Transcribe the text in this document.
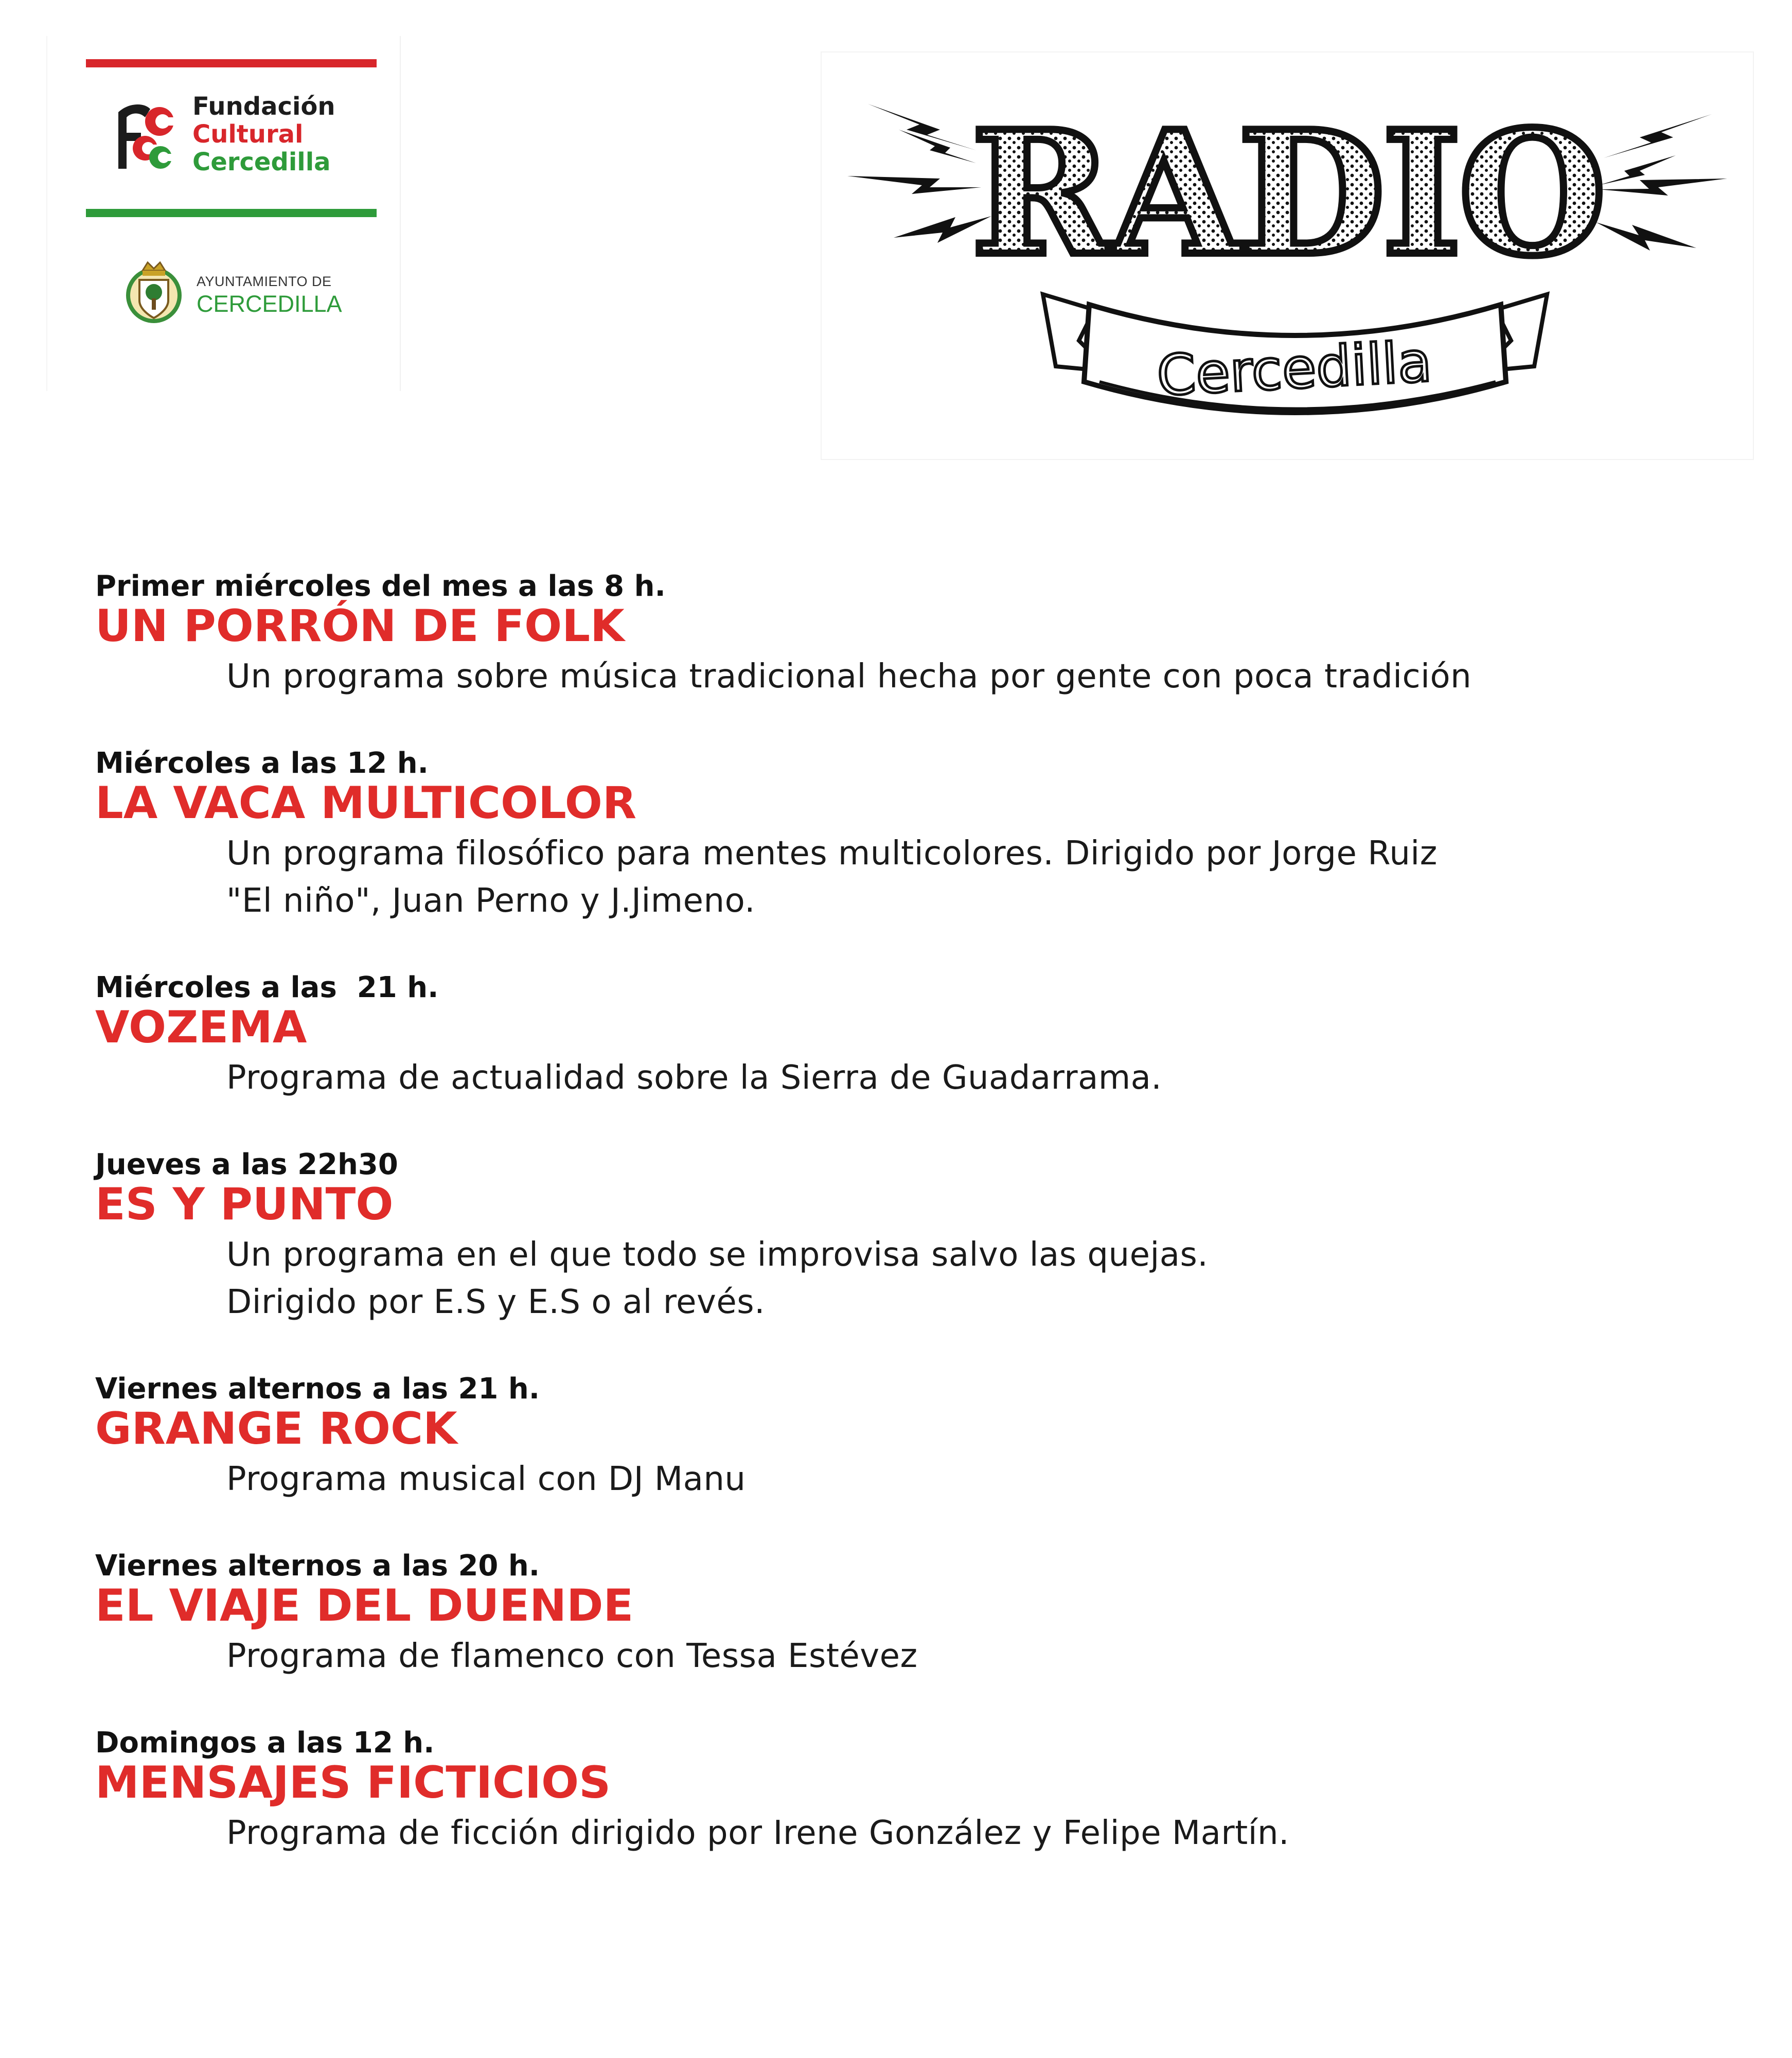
Fundación
Cultural
Cercedilla
AYUNTAMIENTO DE
CERCEDILLA
RADIO
Cercedilla
Primer miércoles del mes a las 8 h.
UN PORRÓN DE FOLK
Un programa sobre música tradicional hecha por gente con poca tradición
Miércoles a las 12 h.
LA VACA MULTICOLOR
Un programa filosófico para mentes multicolores. Dirigido por Jorge Ruiz
"El niño", Juan Perno y J.Jimeno.
Miércoles a las  21 h.
VOZEMA
Programa de actualidad sobre la Sierra de Guadarrama.
Jueves a las 22h30
ES Y PUNTO
Un programa en el que todo se improvisa salvo las quejas.
Dirigido por E.S y E.S o al revés.
Viernes alternos a las 21 h.
GRANGE ROCK
Programa musical con DJ Manu
Viernes alternos a las 20 h.
EL VIAJE DEL DUENDE
Programa de flamenco con Tessa Estévez
Domingos a las 12 h.
MENSAJES FICTICIOS
Programa de ficción dirigido por Irene González y Felipe Martín.
